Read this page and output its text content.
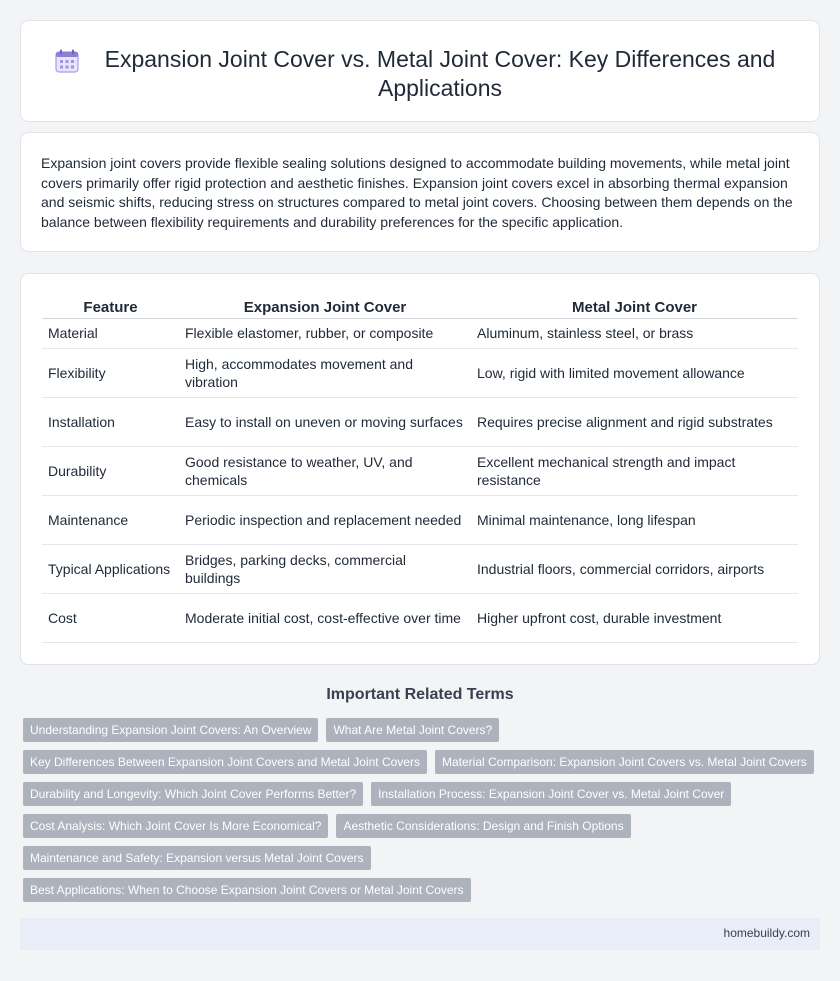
Expansion Joint Cover vs. Metal Joint Cover: Key Differences and Applications

Expansion joint covers provide flexible sealing solutions designed to accommodate building movements, while metal joint covers primarily offer rigid protection and aesthetic finishes. Expansion joint covers excel in absorbing thermal expansion and seismic shifts, reducing stress on structures compared to metal joint covers. Choosing between them depends on the balance between flexibility requirements and durability preferences for the specific application.

Feature	Expansion Joint Cover	Metal Joint Cover
Material	Flexible elastomer, rubber, or composite	Aluminum, stainless steel, or brass
Flexibility	High, accommodates movement and vibration	Low, rigid with limited movement allowance
Installation	Easy to install on uneven or moving surfaces	Requires precise alignment and rigid substrates
Durability	Good resistance to weather, UV, and chemicals	Excellent mechanical strength and impact resistance
Maintenance	Periodic inspection and replacement needed	Minimal maintenance, long lifespan
Typical Applications	Bridges, parking decks, commercial buildings	Industrial floors, commercial corridors, airports
Cost	Moderate initial cost, cost-effective over time	Higher upfront cost, durable investment
Important Related Terms
Understanding Expansion Joint Covers: An Overview	What Are Metal Joint Covers?
Key Differences Between Expansion Joint Covers and Metal Joint Covers	Material Comparison: Expansion Joint Covers vs. Metal Joint Covers
Durability and Longevity: Which Joint Cover Performs Better?	Installation Process: Expansion Joint Cover vs. Metal Joint Cover
Cost Analysis: Which Joint Cover Is More Economical?	Aesthetic Considerations: Design and Finish Options
Maintenance and Safety: Expansion versus Metal Joint Covers
Best Applications: When to Choose Expansion Joint Covers or Metal Joint Covers
homebuildy.com
